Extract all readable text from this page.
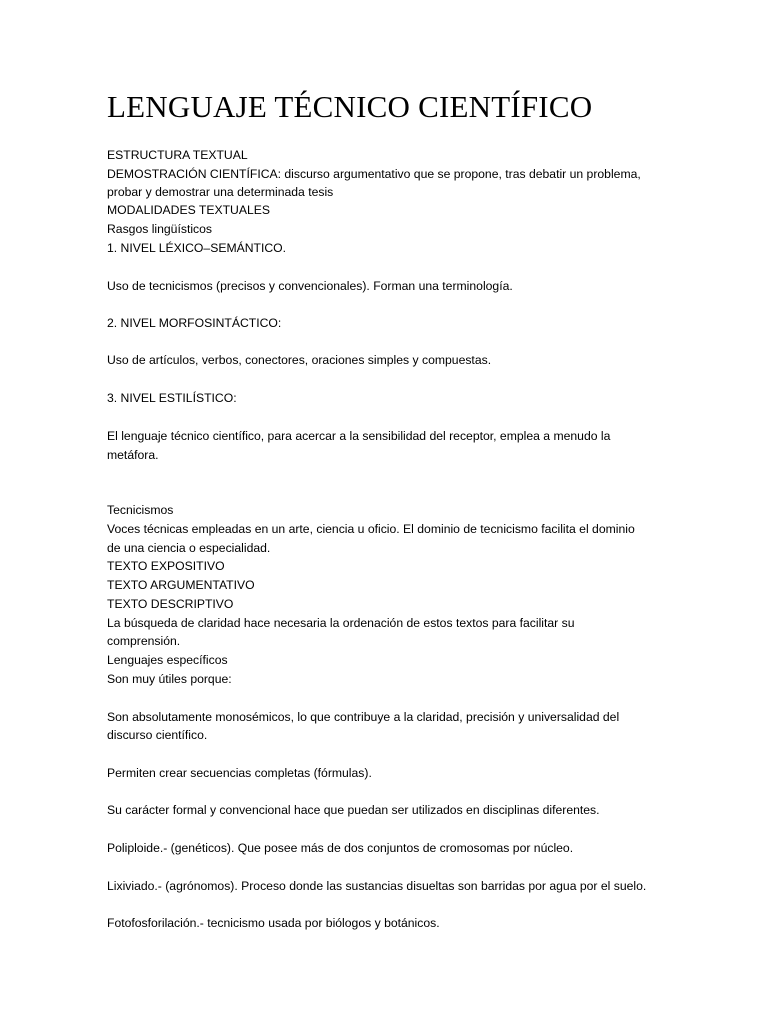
LENGUAJE TÉCNICO CIENTÍFICO
ESTRUCTURA TEXTUAL
DEMOSTRACIÓN CIENTÍFICA: discurso argumentativo que se propone, tras debatir un problema,
probar y demostrar una determinada tesis
MODALIDADES TEXTUALES
Rasgos lingüísticos
1. NIVEL LÉXICO–SEMÁNTICO.
Uso de tecnicismos (precisos y convencionales). Forman una terminología.
2. NIVEL MORFOSINTÁCTICO:
Uso de artículos, verbos, conectores, oraciones simples y compuestas.
3. NIVEL ESTILÍSTICO:
El lenguaje técnico científico, para acercar a la sensibilidad del receptor, emplea a menudo la
metáfora.
Tecnicismos
Voces técnicas empleadas en un arte, ciencia u oficio. El dominio de tecnicismo facilita el dominio
de una ciencia o especialidad.
TEXTO EXPOSITIVO
TEXTO ARGUMENTATIVO
TEXTO DESCRIPTIVO
La búsqueda de claridad hace necesaria la ordenación de estos textos para facilitar su
comprensión.
Lenguajes específicos
Son muy útiles porque:
Son absolutamente monosémicos, lo que contribuye a la claridad, precisión y universalidad del
discurso científico.
Permiten crear secuencias completas (fórmulas).
Su carácter formal y convencional hace que puedan ser utilizados en disciplinas diferentes.
Poliploide.- (genéticos). Que posee más de dos conjuntos de cromosomas por núcleo.
Lixiviado.- (agrónomos). Proceso donde las sustancias disueltas son barridas por agua por el suelo.
Fotofosforilación.- tecnicismo usada por biólogos y botánicos.
